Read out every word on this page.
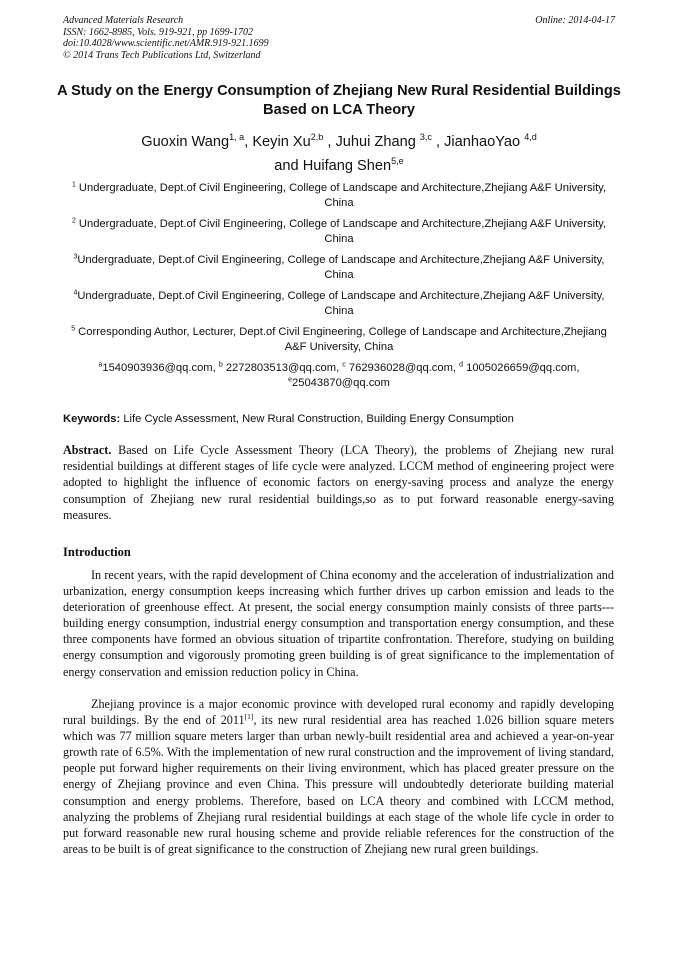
Advanced Materials Research
ISSN: 1662-8985, Vols. 919-921, pp 1699-1702
doi:10.4028/www.scientific.net/AMR.919-921.1699
© 2014 Trans Tech Publications Ltd, Switzerland
Online: 2014-04-17
A Study on the Energy Consumption of Zhejiang New Rural Residential Buildings Based on LCA Theory
Guoxin Wang$^{1, a}$, Keyin Xu$^{2,b}$ , Juhui Zhang $^{3,c}$ , JianhaoYao $^{4,d}$
and Huifang Shen$^{5,e}$
$^1$ Undergraduate, Dept.of Civil Engineering, College of Landscape and Architecture,Zhejiang A&F University, China
$^2$ Undergraduate, Dept.of Civil Engineering, College of Landscape and Architecture,Zhejiang A&F University, China
$^3$Undergraduate, Dept.of Civil Engineering, College of Landscape and Architecture,Zhejiang A&F University, China
$^4$Undergraduate, Dept.of Civil Engineering, College of Landscape and Architecture,Zhejiang A&F University, China
$^5$ Corresponding Author, Lecturer, Dept.of Civil Engineering, College of Landscape and Architecture,Zhejiang A&F University, China
$^a$1540903936@qq.com, $^b$ 2272803513@qq.com, $^c$ 762936028@qq.com, $^d$ 1005026659@qq.com,
$^e$25043870@qq.com
Keywords: Life Cycle Assessment, New Rural Construction, Building Energy Consumption
Abstract. Based on Life Cycle Assessment Theory (LCA Theory), the problems of Zhejiang new rural residential buildings at different stages of life cycle were analyzed. LCCM method of engineering project were adopted to highlight the influence of economic factors on energy-saving process and analyze the energy consumption of Zhejiang new rural residential buildings,so as to put forward reasonable energy-saving measures.
Introduction

In recent years, with the rapid development of China economy and the acceleration of industrialization and urbanization, energy consumption keeps increasing which further drives up carbon emission and leads to the deterioration of greenhouse effect. At present, the social energy consumption mainly consists of three parts---building energy consumption, industrial energy consumption and transportation energy consumption, and these three components have formed an obvious situation of tripartite confrontation. Therefore, studying on building energy consumption and vigorously promoting green building is of great significance to the implementation of energy conservation and emission reduction policy in China.

Zhejiang province is a major economic province with developed rural economy and rapidly developing rural buildings. By the end of 2011[1], its new rural residential area has reached 1.026 billion square meters which was 77 million square meters larger than urban newly-built residential area and achieved a year-on-year growth rate of 6.5%. With the implementation of new rural construction and the improvement of living standard, people put forward higher requirements on their living environment, which has placed greater pressure on the energy of Zhejiang province and even China. This pressure will undoubtedly deteriorate building material consumption and energy problems. Therefore, based on LCA theory and combined with LCCM method, analyzing the problems of Zhejiang rural residential buildings at each stage of the whole life cycle in order to put forward reasonable new rural housing scheme and provide reliable references for the construction of the areas to be built is of great significance to the construction of Zhejiang new rural green buildings.
